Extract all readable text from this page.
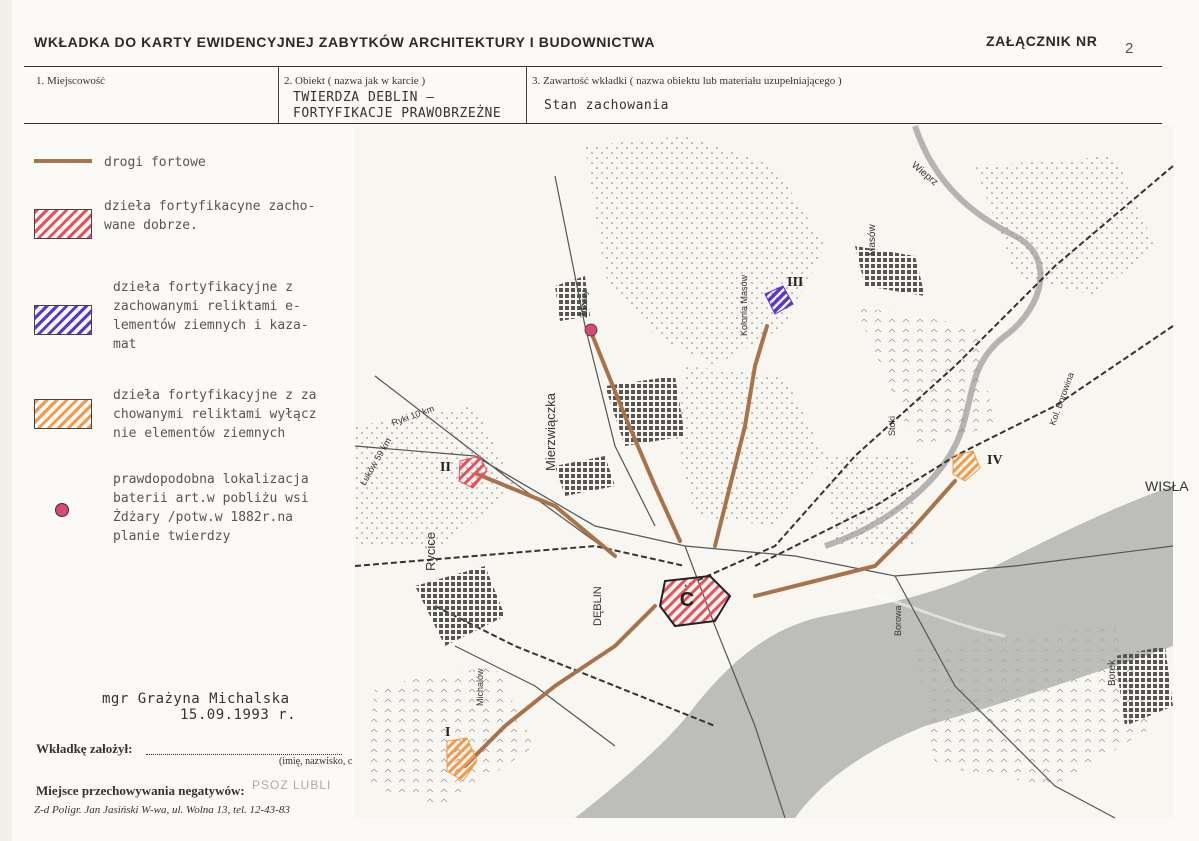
WKŁADKA DO KARTY EWIDENCYJNEJ ZABYTKÓW ARCHITEKTURY I BUDOWNICTWA	ZAŁĄCZNIK NR 2
1. Miejscowość	2. Obiekt ( nazwa jak w karcie )
TWIERDZA DEBLIN –
FORTYFIKACJE PRAWOBRZEŻNE
3. Zawartość wkładki ( nazwa obiektu lub materiału uzupełniającego )
Stan zachowania
drogi fortowe
dzieła fortyfikacyne zacho-
wane dobrze.
dzieła fortyfikacyjne z
zachowanymi reliktami e-
lementów ziemnych i kaza-
mat
dzieła fortyfikacyjne z za
chowanymi reliktami wyłącz
nie elementów ziemnych
prawdopodobna lokalizacja
baterii art.w pobliżu wsi
Żdżary /potw.w 1882r.na
planie twierdzy
mgr Grażyna Michalska
15.09.1993 r.
Wkładkę założył:
(imię, nazwisko, c
Miejsce przechowywania negatywów: PSOZ LUBLI
Z-d Poligr. Jan Jasiński W-wa, ul. Wolna 13, tel. 12-43-83
C
II
III
IV
I
WISŁA
DĘBLIN
Rycice
Mierzwiączka
Masów
Kolonia Masów
Żdżary
Wieprz
Borek
Borowa
Stoki
Michalów
Kol. Borowina
Łuków 59 km
Ryki 10 km
